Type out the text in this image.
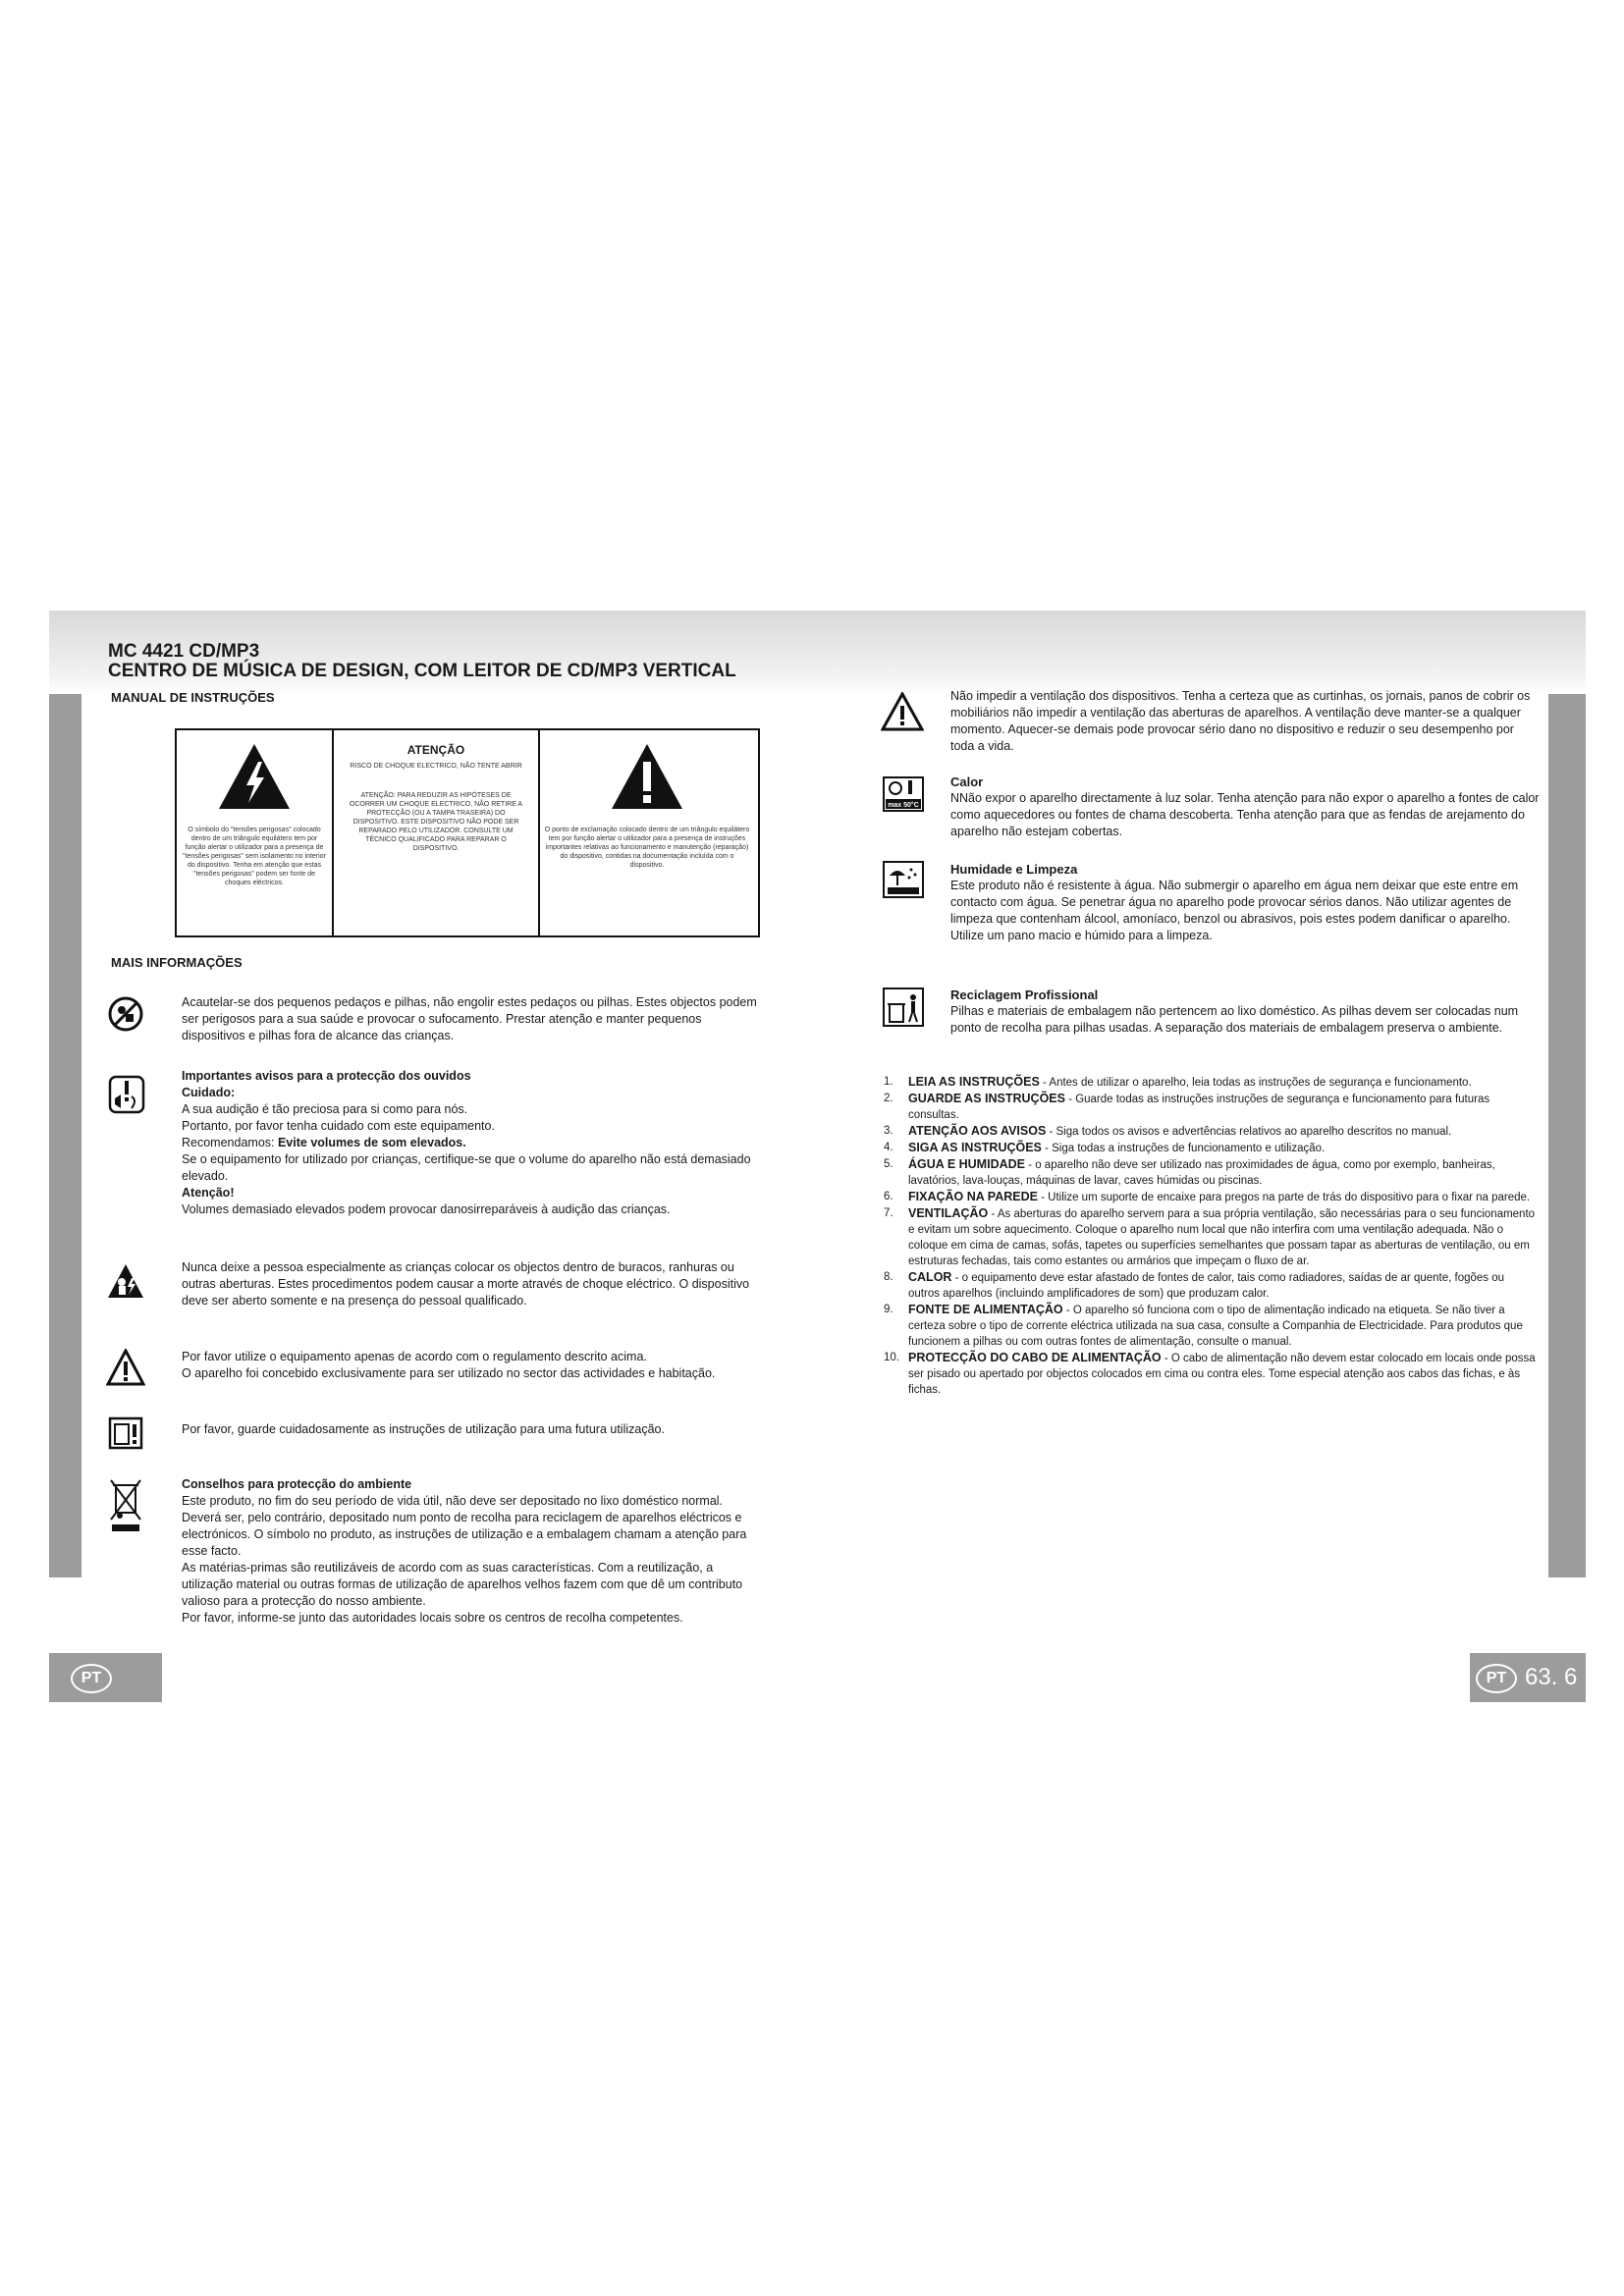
MC 4421 CD/MP3
CENTRO DE MÚSICA DE DESIGN, COM LEITOR DE CD/MP3 VERTICAL
MANUAL DE INSTRUÇÕES
O símbolo do "tensões perigosas" colocado dentro de um triângulo equilátero tem por função alertar o utilizador para a presença de "tensões perigosas" sem isolamento no interior do dispositivo. Tenha em atenção que estas "tensões perigosas" podem ser fonte de choques eléctricos.
ATENÇÃO
RISCO DE CHOQUE ELECTRICO, NÃO TENTE ABRIR
ATENÇÃO: PARA REDUZIR AS HIPÓTESES DE OCORRER UM CHOQUE ELECTRICO, NÃO RETIRE A PROTECÇÃO (OU A TAMPA TRASEIRA) DO DISPOSITIVO. ESTE DISPOSITIVO NÃO PODE SER REPARADO PELO UTILIZADOR. CONSULTE UM TÉCNICO QUALIFICADO PARA REPARAR O DISPOSITIVO.
O ponto de exclamação colocado dentro de um triângulo equilátero tem por função alertar o utilizador para a presença de instruções importantes relativas ao funcionamento e manutenção (reparação) do dispositivo, contidas na documentação incluída com o dispositivo.
MAIS INFORMAÇÕES
Acautelar-se dos pequenos pedaços e pilhas, não engolir estes pedaços ou pilhas. Estes objectos podem ser perigosos para a sua saúde e provocar o sufocamento. Prestar atenção e manter pequenos dispositivos e pilhas fora de alcance das crianças.

Importantes avisos para a protecção dos ouvidos

Cuidado:

A sua audição é tão preciosa para si como para nós.

Portanto, por favor tenha cuidado com este equipamento.

Recomendamos: Evite volumes de som elevados.

Se o equipamento for utilizado por crianças, certifique-se que o volume do aparelho não está demasiado elevado.

Atenção!

Volumes demasiado elevados podem provocar danosirreparáveis à audição das crianças.

Nunca deixe a pessoa especialmente as crianças colocar os objectos dentro de buracos, ranhuras ou outras aberturas. Estes procedimentos podem causar a morte através de choque eléctrico. O dispositivo deve ser aberto somente e na presença do pessoal qualificado.

Por favor utilize o equipamento apenas de acordo com o regulamento descrito acima.

O aparelho foi concebido exclusivamente para ser utilizado no sector das actividades e habitação.

Por favor, guarde cuidadosamente as instruções de utilização para uma futura utilização.

Conselhos para protecção do ambiente

Este produto, no fim do seu período de vida útil, não deve ser depositado no lixo doméstico normal. Deverá ser, pelo contrário, depositado num ponto de recolha para reciclagem de aparelhos eléctricos e electrónicos. O símbolo no produto, as instruções de utilização e a embalagem chamam a atenção para esse facto.

As matérias-primas são reutilizáveis de acordo com as suas características. Com a reutilização, a utilização material ou outras formas de utilização de aparelhos velhos fazem com que dê um contributo valioso para a protecção do nosso ambiente.

Por favor, informe-se junto das autoridades locais sobre os centros de recolha competentes.

Não impedir a ventilação dos dispositivos. Tenha a certeza que as curtinhas, os jornais, panos de cobrir os mobiliários não impedir a ventilação das aberturas de aparelhos. A ventilação deve manter-se a qualquer momento. Aquecer-se demais pode provocar sério dano no dispositivo e reduzir o seu desempenho por toda a vida.
max 50°C

Calor

NNão expor o aparelho directamente à luz solar. Tenha atenção para não expor o aparelho a fontes de calor como aquecedores ou fontes de chama descoberta. Tenha atenção para que as fendas de arejamento do aparelho não estejam cobertas.

Humidade e Limpeza

Este produto não é resistente à água. Não submergir o aparelho em água nem deixar que este entre em contacto com água. Se penetrar água no aparelho pode provocar sérios danos. Não utilizar agentes de limpeza que contenham álcool, amoníaco, benzol ou abrasivos, pois estes podem danificar o aparelho. Utilize um pano macio e húmido para a limpeza.

Reciclagem Profissional

Pilhas e materiais de embalagem não pertencem ao lixo doméstico. As pilhas devem ser colocadas num ponto de recolha para pilhas usadas. A separação dos materiais de embalagem preserva o ambiente.

1. LEIA AS INSTRUÇÕES - Antes de utilizar o aparelho, leia todas as instruções de segurança e funcionamento.
2. GUARDE AS INSTRUÇÕES - Guarde todas as instruções instruções de segurança e funcionamento para futuras consultas.
3. ATENÇÃO AOS AVISOS - Siga todos os avisos e advertências relativos ao aparelho descritos no manual.
4. SIGA AS INSTRUÇÕES - Siga todas a instruções de funcionamento e utilização.
5. ÁGUA E HUMIDADE - o aparelho não deve ser utilizado nas proximidades de água, como por exemplo, banheiras, lavatórios, lava-louças, máquinas de lavar, caves húmidas ou piscinas.
6. FIXAÇÃO NA PAREDE - Utilize um suporte de encaixe para pregos na parte de trás do dispositivo para o fixar na parede.
7. VENTILAÇÃO - As aberturas do aparelho servem para a sua própria ventilação, são necessárias para o seu funcionamento e evitam um sobre aquecimento. Coloque o aparelho num local que não interfira com uma ventilação adequada. Não o coloque em cima de camas, sofás, tapetes ou superfícies semelhantes que possam tapar as aberturas de ventilação, ou em estruturas fechadas, tais como estantes ou armários que impeçam o fluxo de ar.
8. CALOR - o equipamento deve estar afastado de fontes de calor, tais como radiadores, saídas de ar quente, fogões ou outros aparelhos (incluindo amplificadores de som) que produzam calor.
9. FONTE DE ALIMENTAÇÃO - O aparelho só funciona com o tipo de alimentação indicado na etiqueta. Se não tiver a certeza sobre o tipo de corrente eléctrica utilizada na sua casa, consulte a Companhia de Electricidade. Para produtos que funcionem a pilhas ou com outras fontes de alimentação, consulte o manual.
10. PROTECÇÃO DO CABO DE ALIMENTAÇÃO - O cabo de alimentação não devem estar colocado em locais onde possa ser pisado ou apertado por objectos colocados em cima ou contra eles. Tome especial atenção aos cabos das fichas, e às fichas.
PT	PT 63. 6
